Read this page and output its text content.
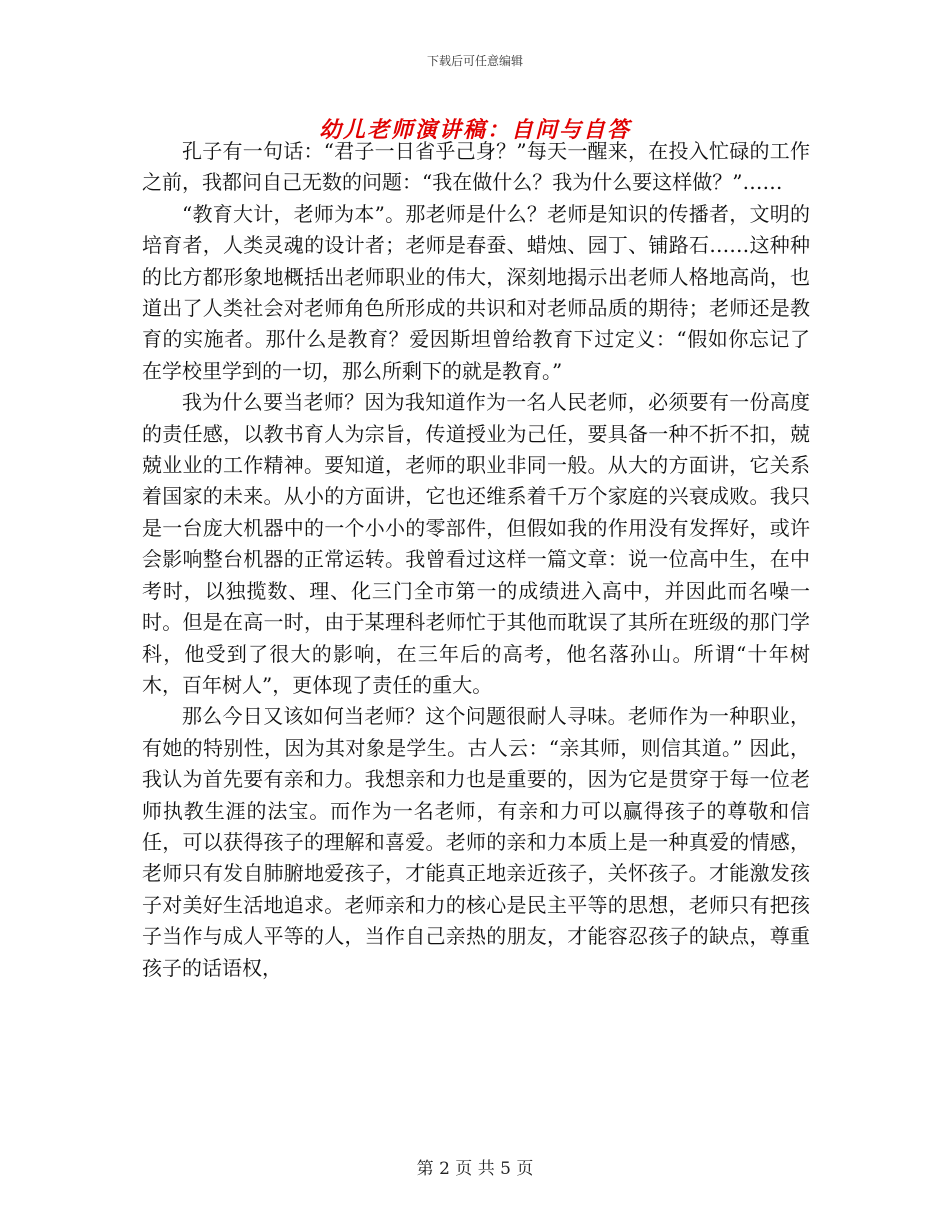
下载后可任意编辑
幼儿老师演讲稿：自问与自答

孔子有一句话：“君子一日省乎己身？”每天一醒来，在投入忙碌的工作之前，我都问自己无数的问题：“我在做什么？我为什么要这样做？”……

“教育大计，老师为本”。那老师是什么？老师是知识的传播者，文明的培育者，人类灵魂的设计者；老师是春蚕、蜡烛、园丁、铺路石……这种种的比方都形象地概括出老师职业的伟大，深刻地揭示出老师人格地高尚，也道出了人类社会对老师角色所形成的共识和对老师品质的期待；老师还是教育的实施者。那什么是教育？爱因斯坦曾给教育下过定义：“假如你忘记了在学校里学到的一切，那么所剩下的就是教育。”

我为什么要当老师？因为我知道作为一名人民老师，必须要有一份高度的责任感，以教书育人为宗旨，传道授业为己任，要具备一种不折不扣，兢兢业业的工作精神。要知道，老师的职业非同一般。从大的方面讲，它关系着国家的未来。从小的方面讲，它也还维系着千万个家庭的兴衰成败。我只是一台庞大机器中的一个小小的零部件，但假如我的作用没有发挥好，或许会影响整台机器的正常运转。我曾看过这样一篇文章：说一位高中生，在中考时，以独揽数、理、化三门全市第一的成绩进入高中，并因此而名噪一时。但是在高一时，由于某理科老师忙于其他而耽误了其所在班级的那门学科，他受到了很大的影响，在三年后的高考，他名落孙山。所谓“十年树木，百年树人”，更体现了责任的重大。

那么今日又该如何当老师？这个问题很耐人寻味。老师作为一种职业，有她的特别性，因为其对象是学生。古人云：“亲其师，则信其道。” 因此，我认为首先要有亲和力。我想亲和力也是重要的，因为它是贯穿于每一位老师执教生涯的法宝。而作为一名老师，有亲和力可以赢得孩子的尊敬和信任，可以获得孩子的理解和喜爱。老师的亲和力本质上是一种真爱的情感，老师只有发自肺腑地爱孩子，才能真正地亲近孩子，关怀孩子。才能激发孩子对美好生活地追求。老师亲和力的核心是民主平等的思想，老师只有把孩子当作与成人平等的人，当作自己亲热的朋友，才能容忍孩子的缺点，尊重孩子的话语权，

第 2 页 共 5 页
